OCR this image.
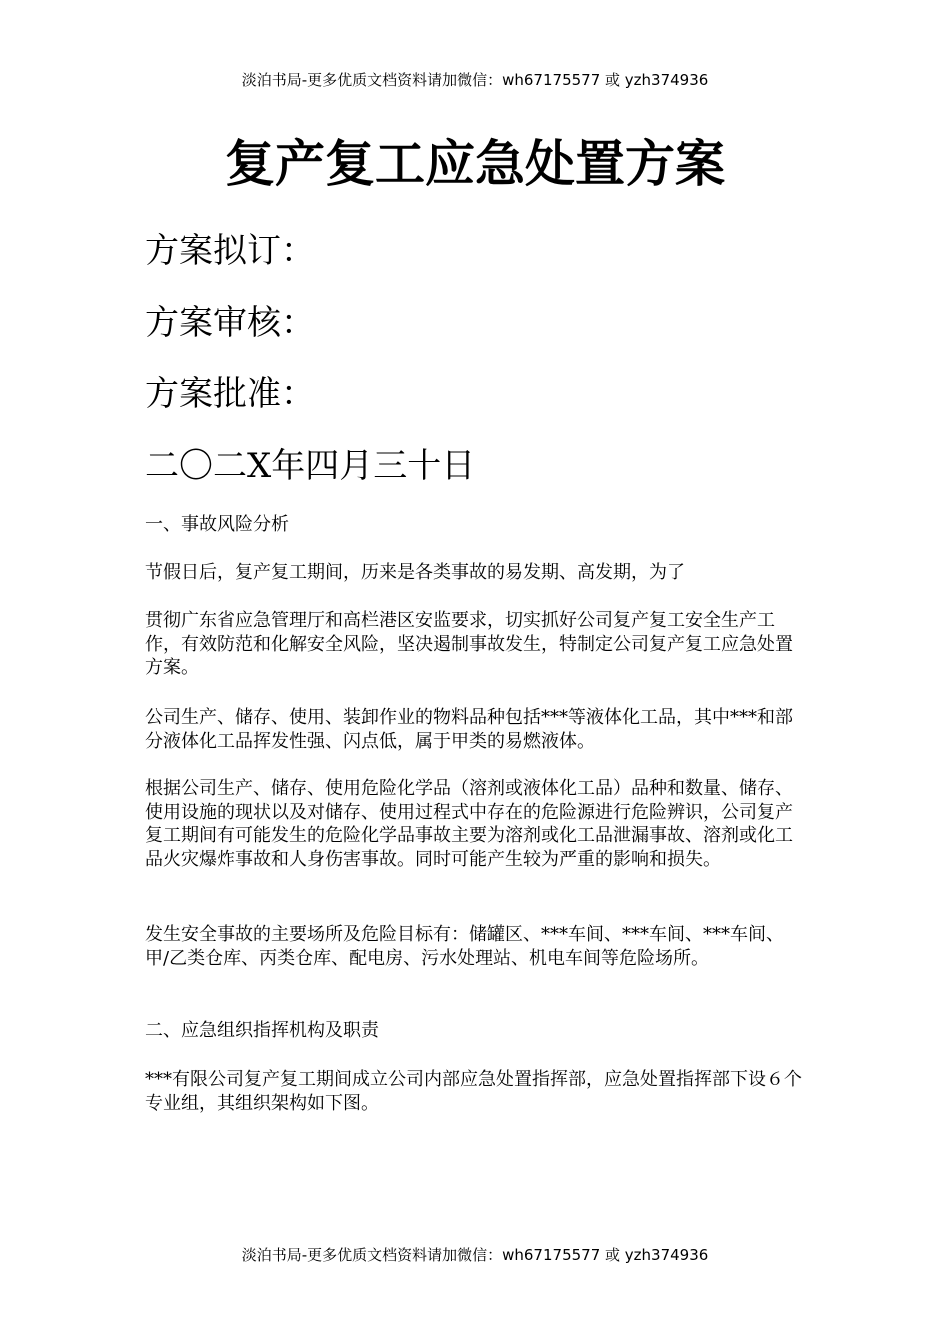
淡泊书局-更多优质文档资料请加微信：wh67175577 或 yzh374936
复产复工应急处置方案
方案拟订：
方案审核：
方案批准：
二〇二X年四月三十日

一、事故风险分析

节假日后，复产复工期间，历来是各类事故的易发期、高发期，为了

贯彻广东省应急管理厅和高栏港区安监要求，切实抓好公司复产复工安全生产工作，有效防范和化解安全风险，坚决遏制事故发生，特制定公司复产复工应急处置方案。

公司生产、储存、使用、装卸作业的物料品种包括***等液体化工品，其中***和部分液体化工品挥发性强、闪点低，属于甲类的易燃液体。

根据公司生产、储存、使用危险化学品（溶剂或液体化工品）品种和数量、储存、使用设施的现状以及对储存、使用过程式中存在的危险源进行危险辨识，公司复产复工期间有可能发生的危险化学品事故主要为溶剂或化工品泄漏事故、溶剂或化工品火灾爆炸事故和人身伤害事故。同时可能产生较为严重的影响和损失。

发生安全事故的主要场所及危险目标有：储罐区、***车间、***车间、***车间、甲/乙类仓库、丙类仓库、配电房、污水处理站、机电车间等危险场所。

二、应急组织指挥机构及职责

***有限公司复产复工期间成立公司内部应急处置指挥部，应急处置指挥部下设６个专业组，其组织架构如下图。

淡泊书局-更多优质文档资料请加微信：wh67175577 或 yzh374936
